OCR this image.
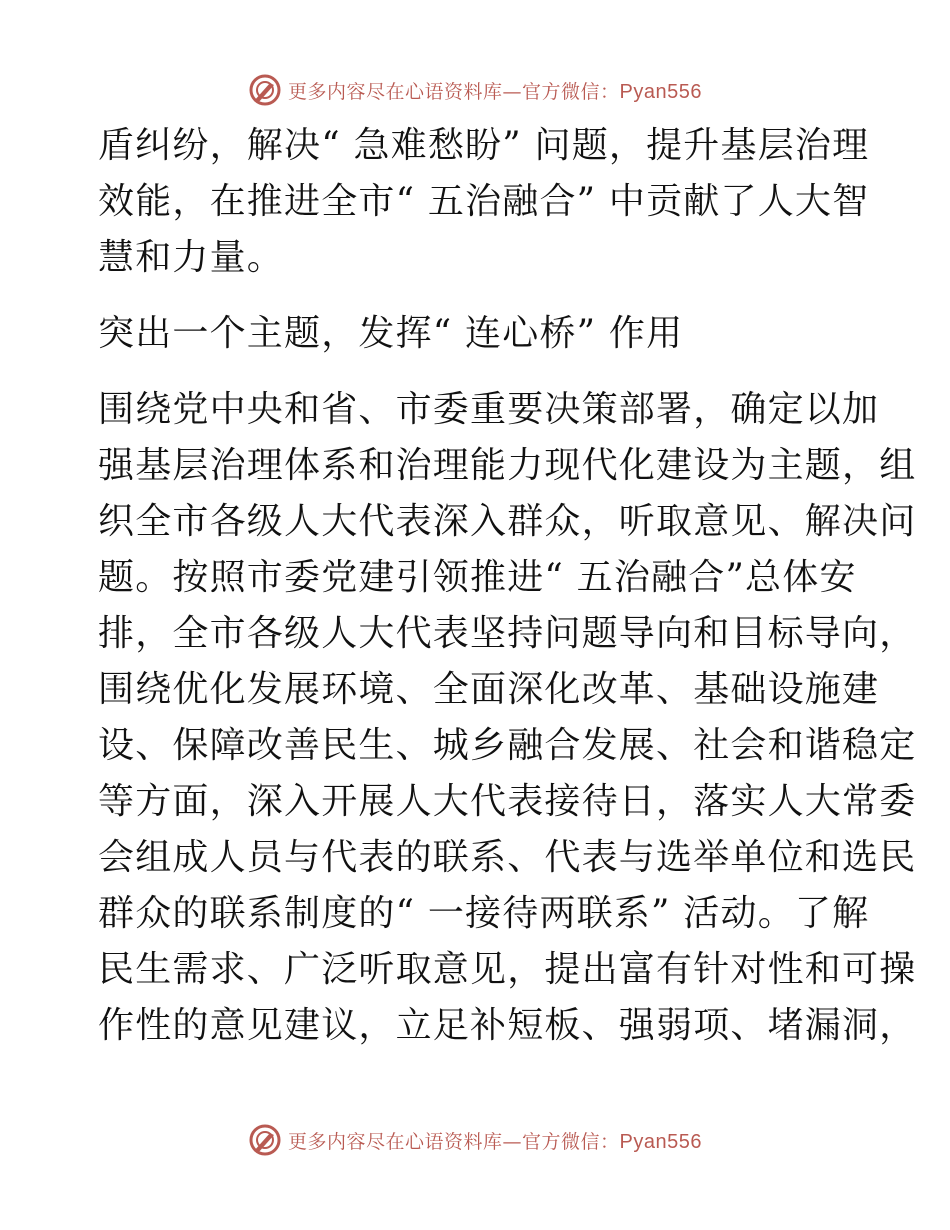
更多内容尽在心语资料库—官方微信：Pyan556
盾纠纷，解决“ 急难愁盼” 问题，提升基层治理
效能，在推进全市“ 五治融合” 中贡献了人大智
慧和力量。
突出一个主题，发挥“ 连心桥” 作用
围绕党中央和省、市委重要决策部署，确定以加
强基层治理体系和治理能力现代化建设为主题，组
织全市各级人大代表深入群众，听取意见、解决问
题。按照市委党建引领推进“ 五治融合”总体安
排，全市各级人大代表坚持问题导向和目标导向，
围绕优化发展环境、全面深化改革、基础设施建
设、保障改善民生、城乡融合发展、社会和谐稳定
等方面，深入开展人大代表接待日，落实人大常委
会组成人员与代表的联系、代表与选举单位和选民
群众的联系制度的“ 一接待两联系” 活动。了解
民生需求、广泛听取意见，提出富有针对性和可操
作性的意见建议，立足补短板、强弱项、堵漏洞，
更多内容尽在心语资料库—官方微信：Pyan556
